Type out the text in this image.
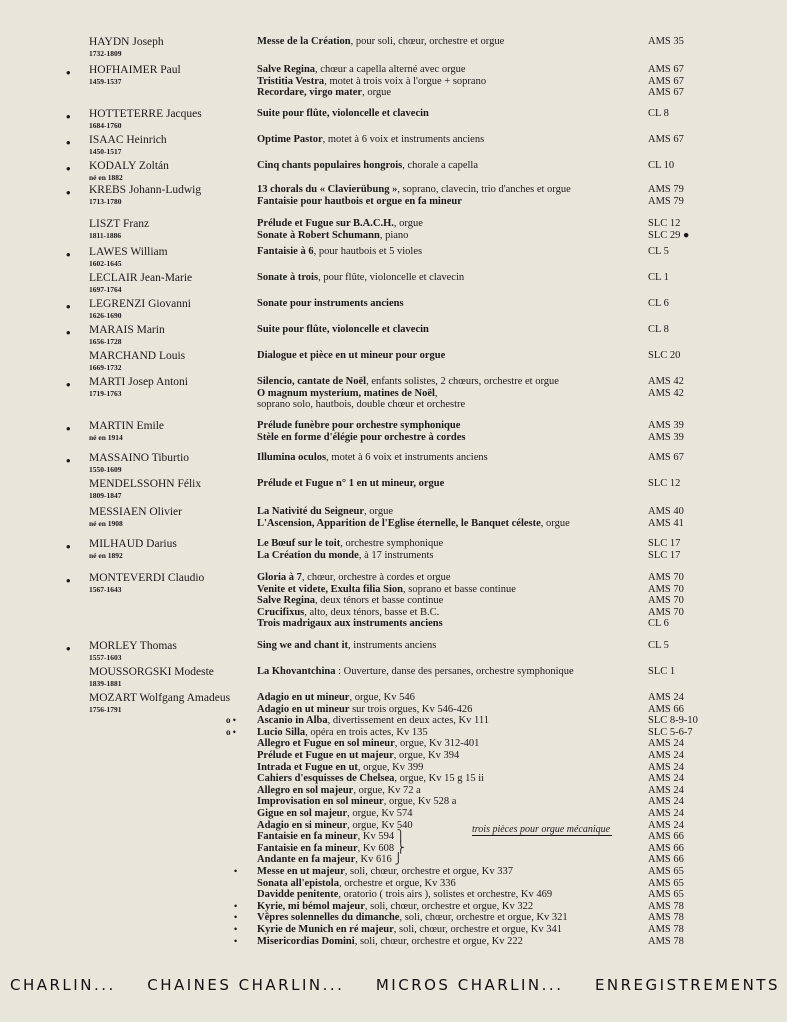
HAYDN Joseph
1732-1809
Messe de la Création, pour soli, chœur, orchestre et orgue	AMS 35
• HOFHAIMER Paul
1459-1537
Salve Regina, chœur a capella alterné avec orgue	AMS 67
Tristitia Vestra, motet à trois voix à l'orgue + soprano	AMS 67
Recordare, virgo mater, orgue	AMS 67
• HOTTETERRE Jacques
1684-1760
Suite pour flûte, violoncelle et clavecin	CL 8
• ISAAC Heinrich
1450-1517
Optime Pastor, motet à 6 voix et instruments anciens	AMS 67
• KODALY Zoltán
né en 1882
Cinq chants populaires hongrois, chorale a capella	CL 10
• KREBS Johann-Ludwig
1713-1780
13 chorals du « Clavierübung », soprano, clavecin, trio d'anches et orgue	AMS 79
Fantaisie pour hautbois et orgue en fa mineur	AMS 79
LISZT Franz
1811-1886
Prélude et Fugue sur B.A.C.H., orgue	SLC 12
Sonate à Robert Schumann, piano	SLC 29 ●
• LAWES William
1602-1645
Fantaisie à 6, pour hautbois et 5 violes	CL 5
LECLAIR Jean-Marie
1697-1764
Sonate à trois, pour flûte, violoncelle et clavecin	CL 1
• LEGRENZI Giovanni
1626-1690
Sonate pour instruments anciens	CL 6
• MARAIS Marin
1656-1728
Suite pour flûte, violoncelle et clavecin	CL 8
MARCHAND Louis
1669-1732
Dialogue et pièce en ut mineur pour orgue	SLC 20
• MARTI Josep Antoni
1719-1763
Silencio, cantate de Noël, enfants solistes, 2 chœurs, orchestre et orgue	AMS 42
O magnum mysterium, matines de Noël,	AMS 42
soprano solo, hautbois, double chœur et orchestre
• MARTIN Emile
né en 1914
Prélude funèbre pour orchestre symphonique	AMS 39
Stèle en forme d'élégie pour orchestre à cordes	AMS 39
• MASSAINO Tiburtio
1550-1609
Illumina oculos, motet à 6 voix et instruments anciens	AMS 67
MENDELSSOHN Félix
1809-1847
Prélude et Fugue n° 1 en ut mineur, orgue	SLC 12
MESSIAEN Olivier
né en 1908
La Nativité du Seigneur, orgue	AMS 40
L'Ascension, Apparition de l'Eglise éternelle, le Banquet céleste, orgue	AMS 41
• MILHAUD Darius
né en 1892
Le Bœuf sur le toit, orchestre symphonique	SLC 17
La Création du monde, à 17 instruments	SLC 17
• MONTEVERDI Claudio
1567-1643
Gloria à 7, chœur, orchestre à cordes et orgue	AMS 70
Venite et videte, Exulta filia Sion, soprano et basse continue	AMS 70
Salve Regina, deux ténors et basse continue	AMS 70
Crucifixus, alto, deux ténors, basse et B.C.	AMS 70
Trois madrigaux aux instruments anciens	CL 6
• MORLEY Thomas
1557-1603
Sing we and chant it, instruments anciens	CL 5
MOUSSORGSKI Modeste
1839-1881
La Khovantchina : Ouverture, danse des persanes, orchestre symphonique	SLC 1
MOZART Wolfgang Amadeus
1756-1791
Adagio en ut mineur, orgue, Kv 546	AMS 24
Adagio en ut mineur sur trois orgues, Kv 546-426	AMS 66
Ascanio in Alba, divertissement en deux actes, Kv 111	SLC 8-9-10
o •
Lucio Silla, opéra en trois actes, Kv 135	SLC 5-6-7
o •
Allegro et Fugue en sol mineur, orgue, Kv 312-401	AMS 24
Prélude et Fugue en ut majeur, orgue, Kv 394	AMS 24
Intrada et Fugue en ut, orgue, Kv 399	AMS 24
Cahiers d'esquisses de Chelsea, orgue, Kv 15 g 15 ii	AMS 24
Allegro en sol majeur, orgue, Kv 72 a	AMS 24
Improvisation en sol mineur, orgue, Kv 528 a	AMS 24
Gigue en sol majeur, orgue, Kv 574	AMS 24
Adagio en si mineur, orgue, Kv 540	AMS 24
Fantaisie en fa mineur, Kv 594 ⎫	AMS 66
Fantaisie en fa mineur, Kv 608 ⎬	AMS 66
Andante en fa majeur, Kv 616 ⎭	AMS 66
Messe en ut majeur, soli, chœur, orchestre et orgue, Kv 337	AMS 65
•
Sonata all'epistola, orchestre et orgue, Kv 336	AMS 65
Davidde penitente, oratorio ( trois airs ), solistes et orchestre, Kv 469	AMS 65
Kyrie, mi bémol majeur, soli, chœur, orchestre et orgue, Kv 322	AMS 78
•
Vêpres solennelles du dimanche, soli, chœur, orchestre et orgue, Kv 321	AMS 78
•
Kyrie de Munich en ré majeur, soli, chœur, orchestre et orgue, Kv 341	AMS 78
•
Misericordias Domini, soli, chœur, orchestre et orgue, Kv 222	AMS 78
•
trois pièces pour orgue mécanique
CHARLIN... CHAINES CHARLIN... MICROS CHARLIN... ENREGISTREMENTS
